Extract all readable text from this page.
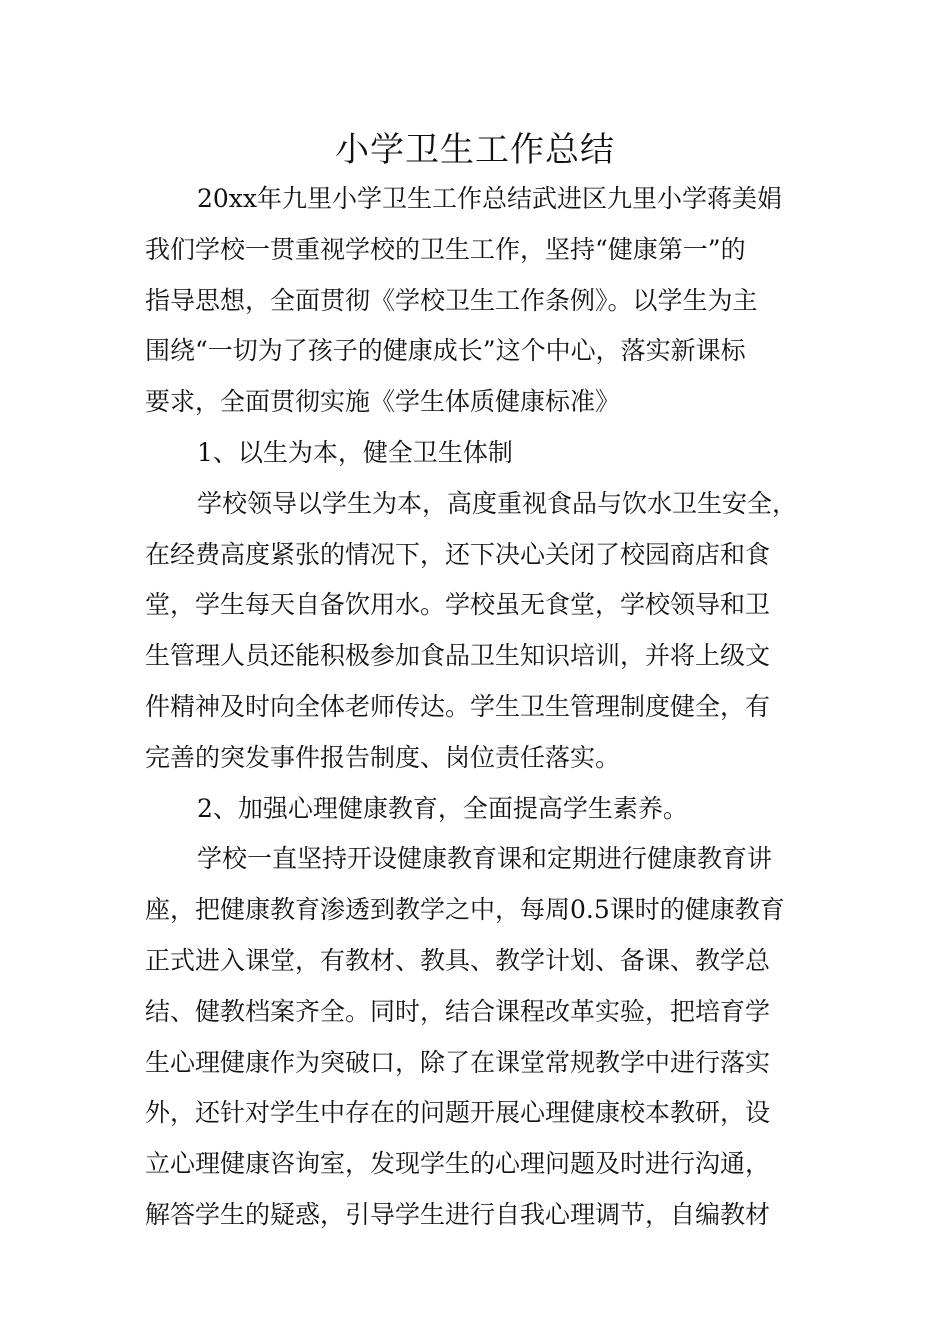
小学卫生工作总结
20xx年九里小学卫生工作总结武进区九里小学蒋美娟
我们学校一贯重视学校的卫生工作，坚持“健康第一”的
指导思想，全面贯彻《学校卫生工作条例》。以学生为主
围绕“一切为了孩子的健康成长”这个中心，落实新课标
要求，全面贯彻实施《学生体质健康标准》
1、以生为本，健全卫生体制
学校领导以学生为本，高度重视食品与饮水卫生安全，
在经费高度紧张的情况下，还下决心关闭了校园商店和食
堂，学生每天自备饮用水。学校虽无食堂，学校领导和卫
生管理人员还能积极参加食品卫生知识培训，并将上级文
件精神及时向全体老师传达。学生卫生管理制度健全，有
完善的突发事件报告制度、岗位责任落实。
2、加强心理健康教育，全面提高学生素养。
学校一直坚持开设健康教育课和定期进行健康教育讲
座，把健康教育渗透到教学之中，每周0.5课时的健康教育
正式进入课堂，有教材、教具、教学计划、备课、教学总
结、健教档案齐全。同时，结合课程改革实验，把培育学
生心理健康作为突破口，除了在课堂常规教学中进行落实
外，还针对学生中存在的问题开展心理健康校本教研，设
立心理健康咨询室，发现学生的心理问题及时进行沟通，
解答学生的疑惑，引导学生进行自我心理调节，自编教材
